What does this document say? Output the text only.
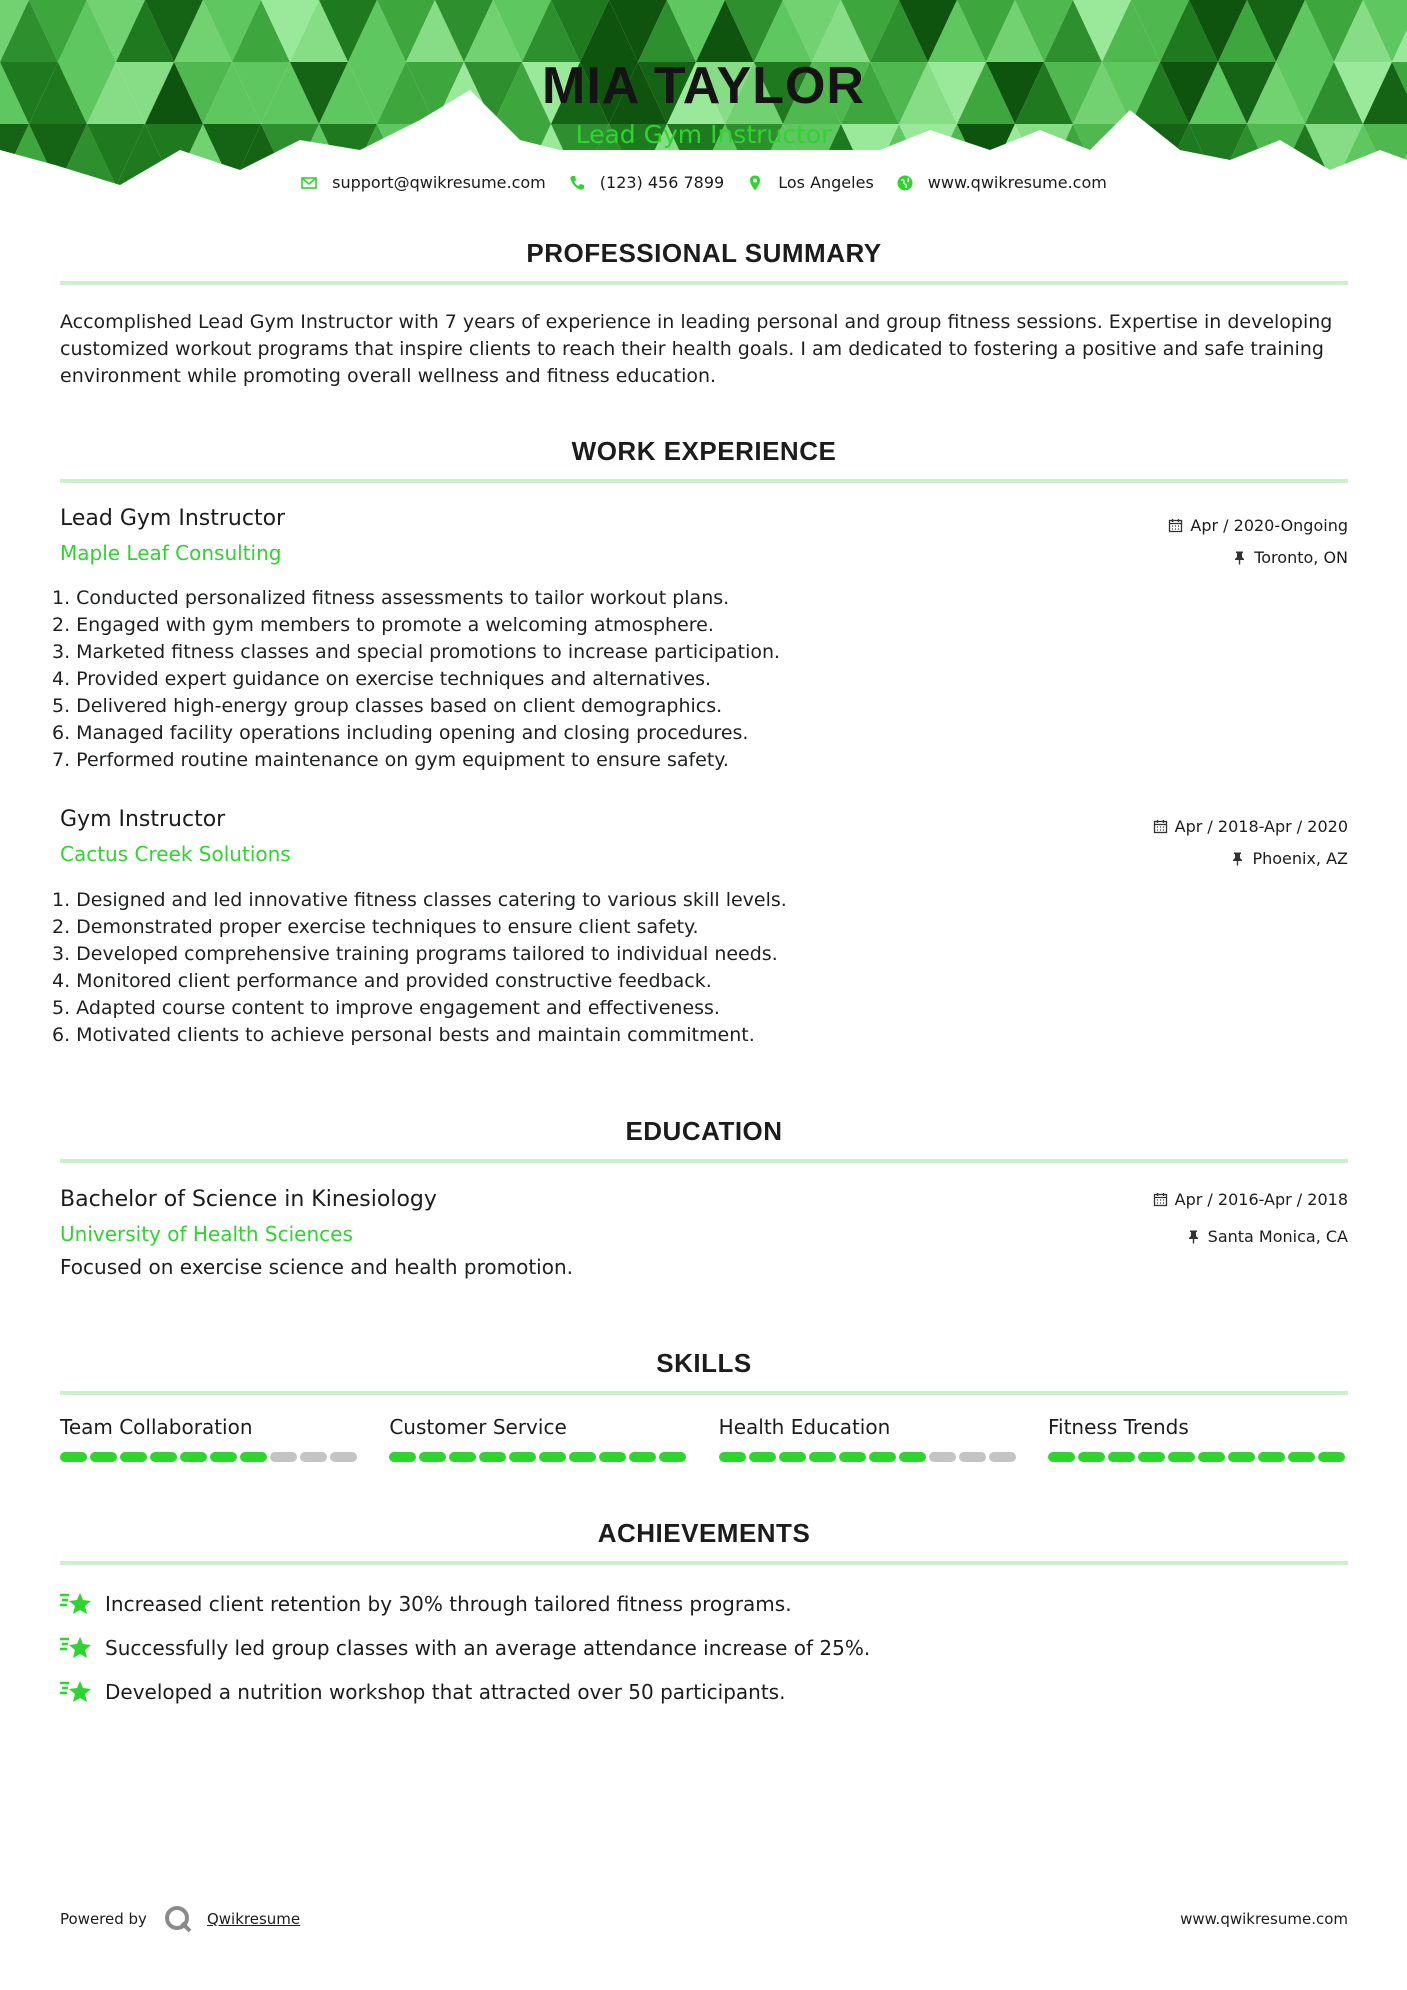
MIA TAYLOR
Lead Gym Instructor
support@qwikresume.com	(123) 456 7899	Los Angeles	www.qwikresume.com
PROFESSIONAL SUMMARY
Accomplished Lead Gym Instructor with 7 years of experience in leading personal and group fitness sessions. Expertise in developing customized workout programs that inspire clients to reach their health goals. I am dedicated to fostering a positive and safe training environment while promoting overall wellness and fitness education.
WORK EXPERIENCE
Lead Gym Instructor
Maple Leaf Consulting
Apr / 2020-Ongoing
Toronto, ON
1. Conducted personalized fitness assessments to tailor workout plans.
2. Engaged with gym members to promote a welcoming atmosphere.
3. Marketed fitness classes and special promotions to increase participation.
4. Provided expert guidance on exercise techniques and alternatives.
5. Delivered high-energy group classes based on client demographics.
6. Managed facility operations including opening and closing procedures.
7. Performed routine maintenance on gym equipment to ensure safety.
Gym Instructor
Cactus Creek Solutions
Apr / 2018-Apr / 2020
Phoenix, AZ
1. Designed and led innovative fitness classes catering to various skill levels.
2. Demonstrated proper exercise techniques to ensure client safety.
3. Developed comprehensive training programs tailored to individual needs.
4. Monitored client performance and provided constructive feedback.
5. Adapted course content to improve engagement and effectiveness.
6. Motivated clients to achieve personal bests and maintain commitment.
EDUCATION
Bachelor of Science in Kinesiology
University of Health Sciences
Focused on exercise science and health promotion.
Apr / 2016-Apr / 2018
Santa Monica, CA
SKILLS
Team Collaboration	Customer Service	Health Education	Fitness Trends
ACHIEVEMENTS
Increased client retention by 30% through tailored fitness programs.
Successfully led group classes with an average attendance increase of 25%.
Developed a nutrition workshop that attracted over 50 participants.
Powered by	Qwikresume	www.qwikresume.com
